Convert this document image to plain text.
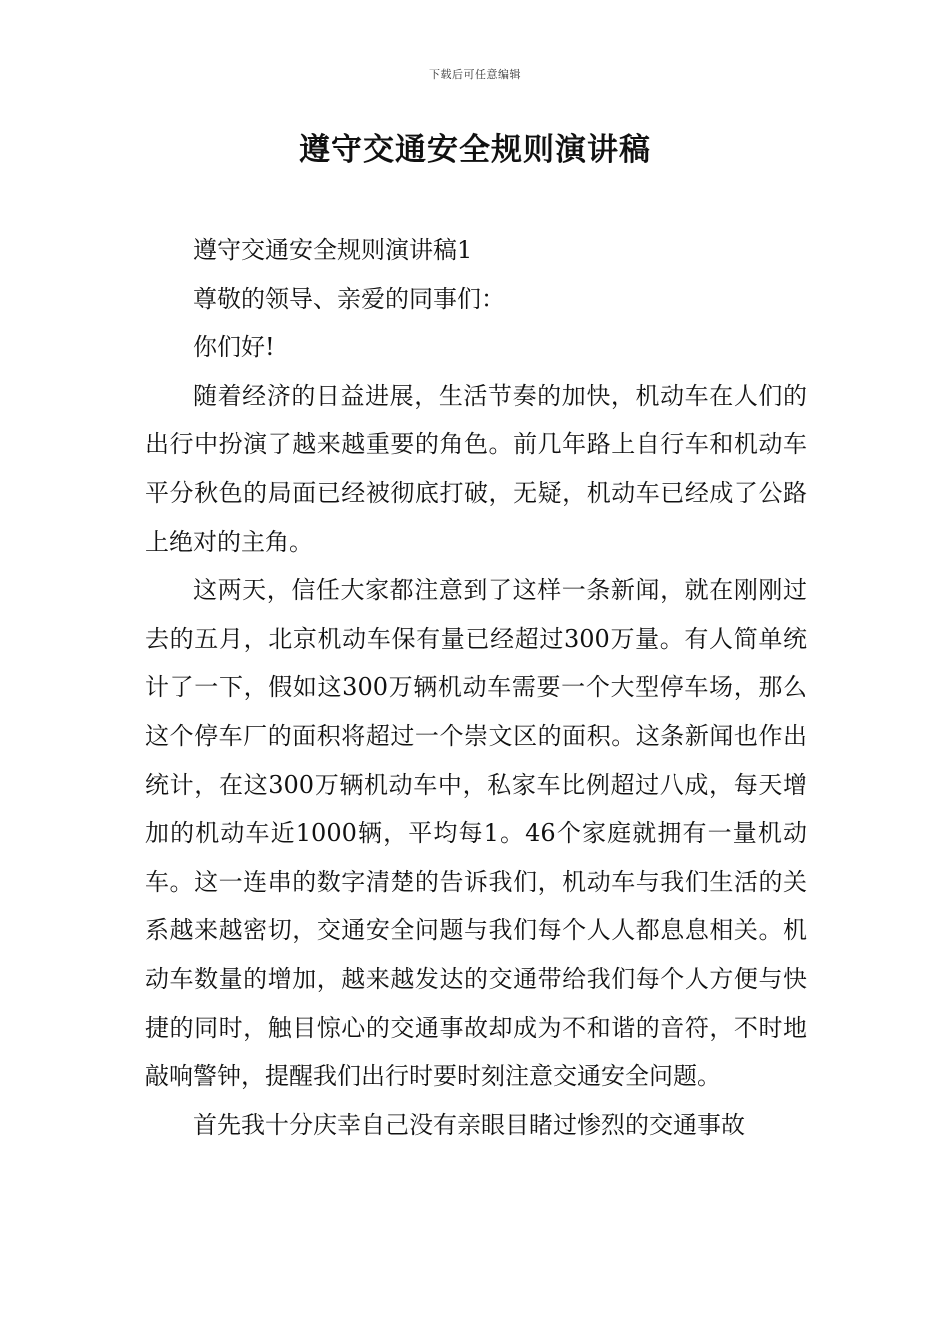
下载后可任意编辑
遵守交通安全规则演讲稿

遵守交通安全规则演讲稿1

尊敬的领导、亲爱的同事们：

你们好!

随着经济的日益进展，生活节奏的加快，机动车在人们的出行中扮演了越来越重要的角色。前几年路上自行车和机动车平分秋色的局面已经被彻底打破，无疑，机动车已经成了公路上绝对的主角。

这两天，信任大家都注意到了这样一条新闻，就在刚刚过去的五月，北京机动车保有量已经超过300万量。有人简单统计了一下，假如这300万辆机动车需要一个大型停车场，那么这个停车厂的面积将超过一个崇文区的面积。这条新闻也作出统计，在这300万辆机动车中，私家车比例超过八成，每天增加的机动车近1000辆，平均每1。46个家庭就拥有一量机动车。这一连串的数字清楚的告诉我们，机动车与我们生活的关系越来越密切，交通安全问题与我们每个人人都息息相关。机动车数量的增加，越来越发达的交通带给我们每个人方便与快捷的同时，触目惊心的交通事故却成为不和谐的音符，不时地敲响警钟，提醒我们出行时要时刻注意交通安全问题。

首先我十分庆幸自己没有亲眼目睹过惨烈的交通事故
